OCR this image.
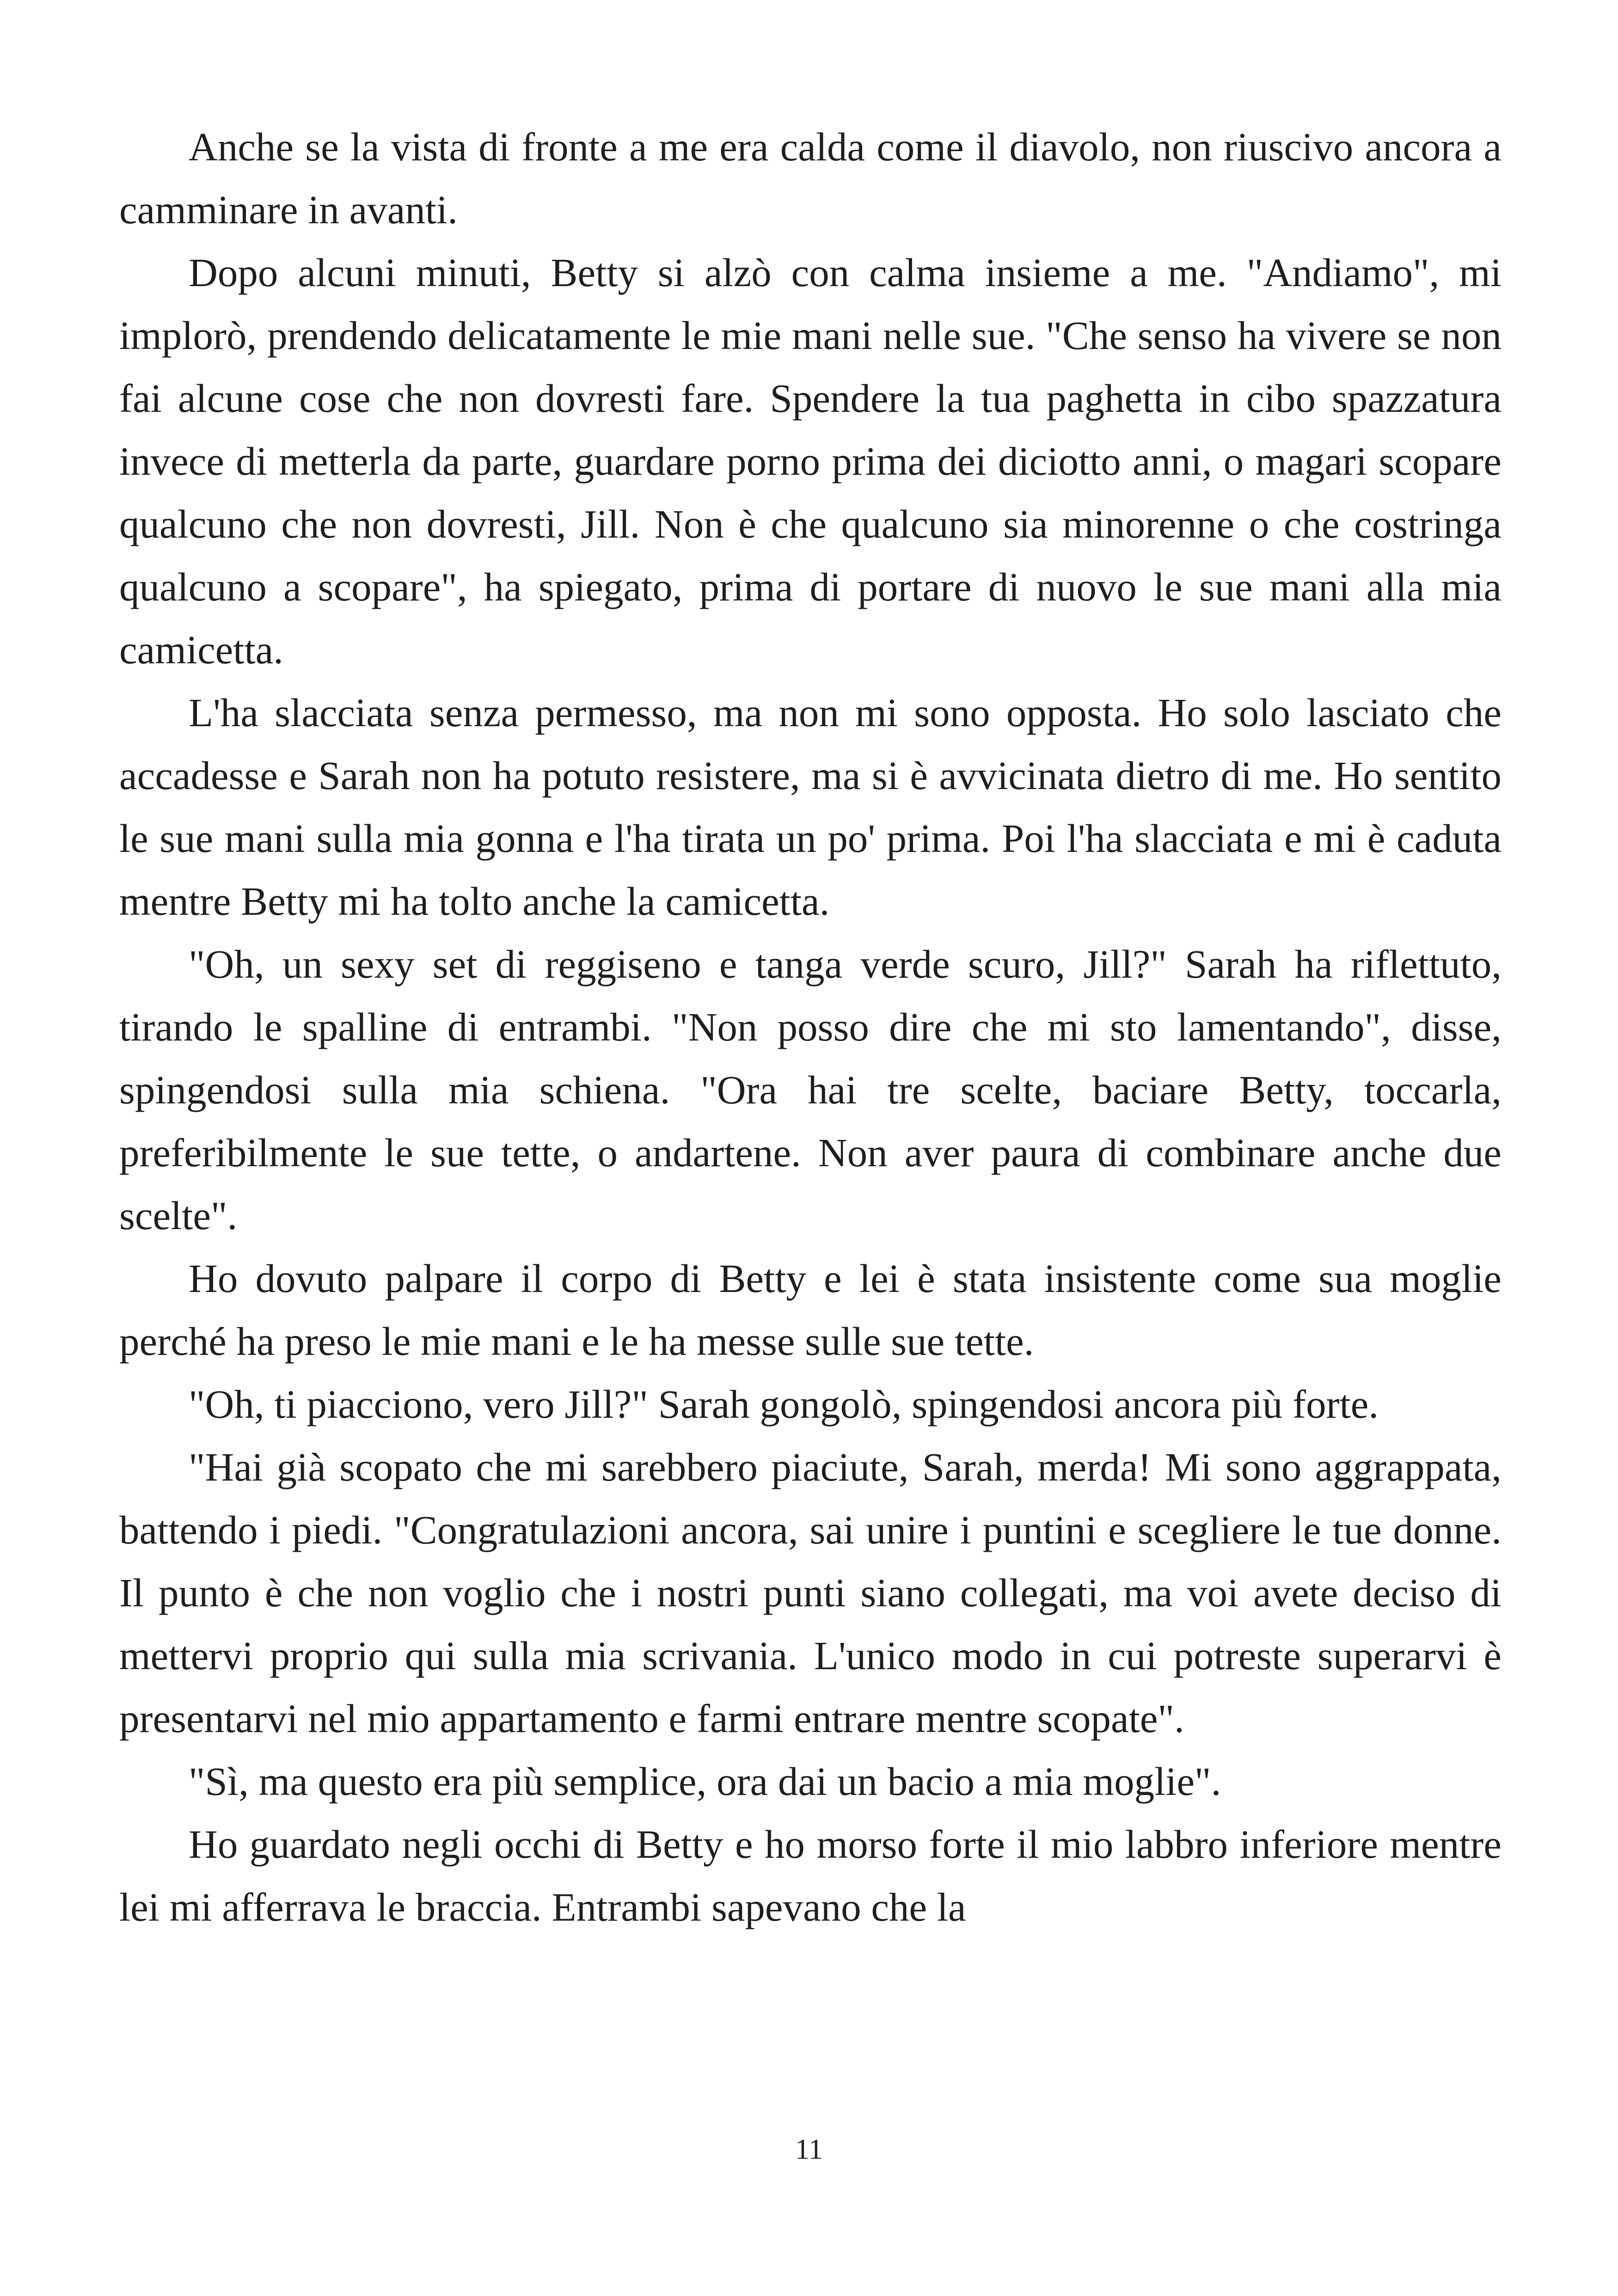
Anche se la vista di fronte a me era calda come il diavolo, non riuscivo ancora a camminare in avanti.

Dopo alcuni minuti, Betty si alzò con calma insieme a me. "Andiamo", mi implorò, prendendo delicatamente le mie mani nelle sue. "Che senso ha vivere se non fai alcune cose che non dovresti fare. Spendere la tua paghetta in cibo spazzatura invece di metterla da parte, guardare porno prima dei diciotto anni, o magari scopare qualcuno che non dovresti, Jill. Non è che qualcuno sia minorenne o che costringa qualcuno a scopare", ha spiegato, prima di portare di nuovo le sue mani alla mia camicetta.

L'ha slacciata senza permesso, ma non mi sono opposta. Ho solo lasciato che accadesse e Sarah non ha potuto resistere, ma si è avvicinata dietro di me. Ho sentito le sue mani sulla mia gonna e l'ha tirata un po' prima. Poi l'ha slacciata e mi è caduta mentre Betty mi ha tolto anche la camicetta.

"Oh, un sexy set di reggiseno e tanga verde scuro, Jill?" Sarah ha riflettuto, tirando le spalline di entrambi. "Non posso dire che mi sto lamentando", disse, spingendosi sulla mia schiena. "Ora hai tre scelte, baciare Betty, toccarla, preferibilmente le sue tette, o andartene. Non aver paura di combinare anche due scelte".

Ho dovuto palpare il corpo di Betty e lei è stata insistente come sua moglie perché ha preso le mie mani e le ha messe sulle sue tette.

"Oh, ti piacciono, vero Jill?" Sarah gongolò, spingendosi ancora più forte.

"Hai già scopato che mi sarebbero piaciute, Sarah, merda! Mi sono aggrappata, battendo i piedi. "Congratulazioni ancora, sai unire i puntini e scegliere le tue donne. Il punto è che non voglio che i nostri punti siano collegati, ma voi avete deciso di mettervi proprio qui sulla mia scrivania. L'unico modo in cui potreste superarvi è presentarvi nel mio appartamento e farmi entrare mentre scopate".

"Sì, ma questo era più semplice, ora dai un bacio a mia moglie".

Ho guardato negli occhi di Betty e ho morso forte il mio labbro inferiore mentre lei mi afferrava le braccia. Entrambi sapevano che la

11
